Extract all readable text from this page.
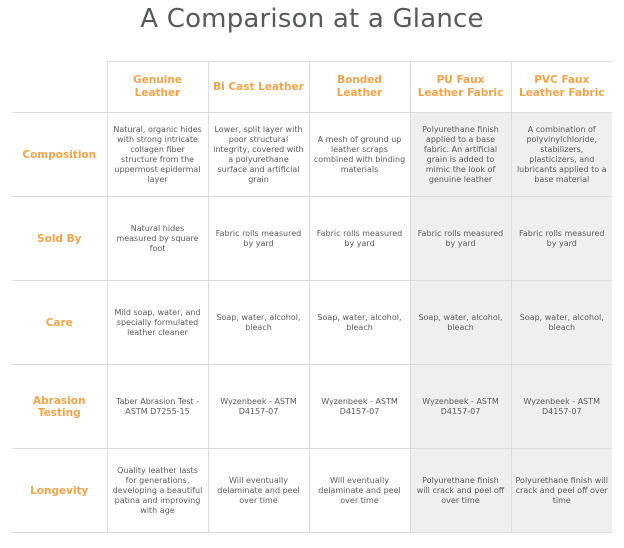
A Comparison at a Glance
	Genuine Leather	Bi Cast Leather	Bonded Leather	PU Faux Leather Fabric	PVC Faux Leather Fabric
Composition	Natural, organic hides with strong intricate collagen fiber structure from the uppermost epidermal layer	Lower, split layer with poor structural integrity, covered with a polyurethane surface and artificial grain	A mesh of ground up leather scraps combined with binding materials	Polyurethane finish applied to a base fabric. An artificial grain is added to mimic the look of genuine leather	A combination of polyvinylchloride, stabilizers, plasticizers, and lubricants applied to a base material
Sold By	Natural hides measured by square foot	Fabric rolls measured by yard	Fabric rolls measured by yard	Fabric rolls measured by yard	Fabric rolls measured by yard
Care	Mild soap, water, and specially formulated leather cleaner	Soap, water, alcohol, bleach	Soap, water, alcohol, bleach	Soap, water, alcohol, bleach	Soap, water, alcohol, bleach
Abrasion Testing	Taber Abrasion Test - ASTM D7255-15	Wyzenbeek - ASTM D4157-07	Wyzenbeek - ASTM D4157-07	Wyzenbeek - ASTM D4157-07	Wyzenbeek - ASTM D4157-07
Longevity	Quality leather lasts for generations, developing a beautiful patina and improving with age	Will eventually delaminate and peel over time	Will eventually delaminate and peel over time	Polyurethane finish will crack and peel off over time	Polyurethane finish will crack and peel off over time
